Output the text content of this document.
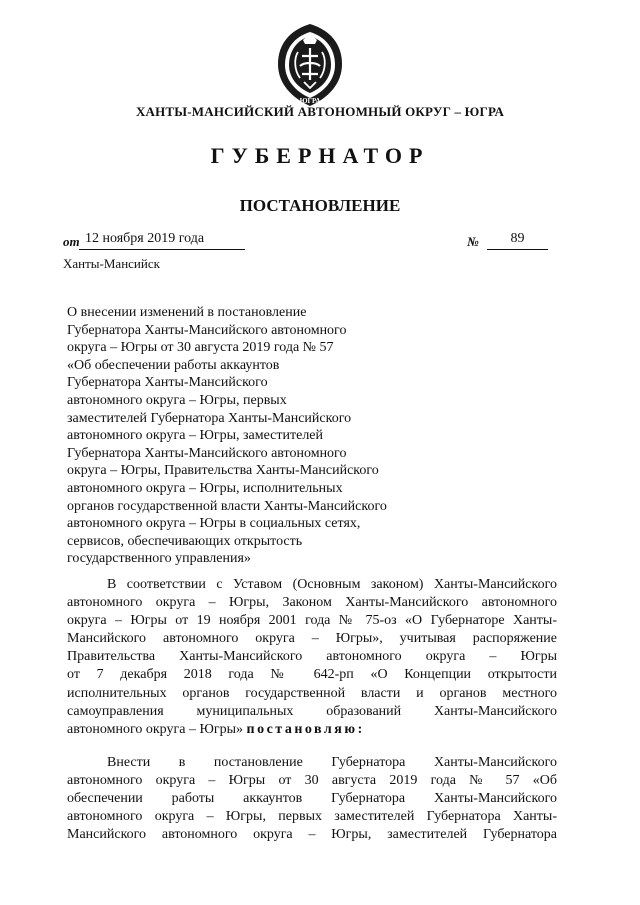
ЮГРА
ХАНТЫ-МАНСИЙСКИЙ АВТОНОМНЫЙ ОКРУГ – ЮГРА
ГУБЕРНАТОР
ПОСТАНОВЛЕНИЕ
от 12 ноября 2019 года	№	89
Ханты-Мансийск
О внесении изменений в постановление
Губернатора Ханты-Мансийского автономного
округа – Югры от 30 августа 2019 года № 57
«Об обеспечении работы аккаунтов
Губернатора Ханты-Мансийского
автономного округа – Югры, первых
заместителей Губернатора Ханты-Мансийского
автономного округа – Югры, заместителей
Губернатора Ханты-Мансийского автономного
округа – Югры, Правительства Ханты-Мансийского
автономного округа – Югры, исполнительных
органов государственной власти Ханты-Мансийского
автономного округа – Югры в социальных сетях,
сервисов, обеспечивающих открытость
государственного управления»
В соответствии с Уставом (Основным законом) Ханты-Мансийского
автономного округа – Югры, Законом Ханты-Мансийского автономного
округа – Югры от 19 ноября 2001 года № 75-оз «О Губернаторе Ханты-
Мансийского автономного округа – Югры», учитывая распоряжение
Правительства Ханты-Мансийского автономного округа – Югры
от 7 декабря 2018 года № 642-рп «О Концепции открытости
исполнительных органов государственной власти и органов местного
самоуправления муниципальных образований Ханты-Мансийского
автономного округа – Югры» постановляю:
Внести в постановление Губернатора Ханты-Мансийского
автономного округа – Югры от 30 августа 2019 года № 57 «Об
обеспечении работы аккаунтов Губернатора Ханты-Мансийского
автономного округа – Югры, первых заместителей Губернатора Ханты-
Мансийского автономного округа – Югры, заместителей Губернатора
